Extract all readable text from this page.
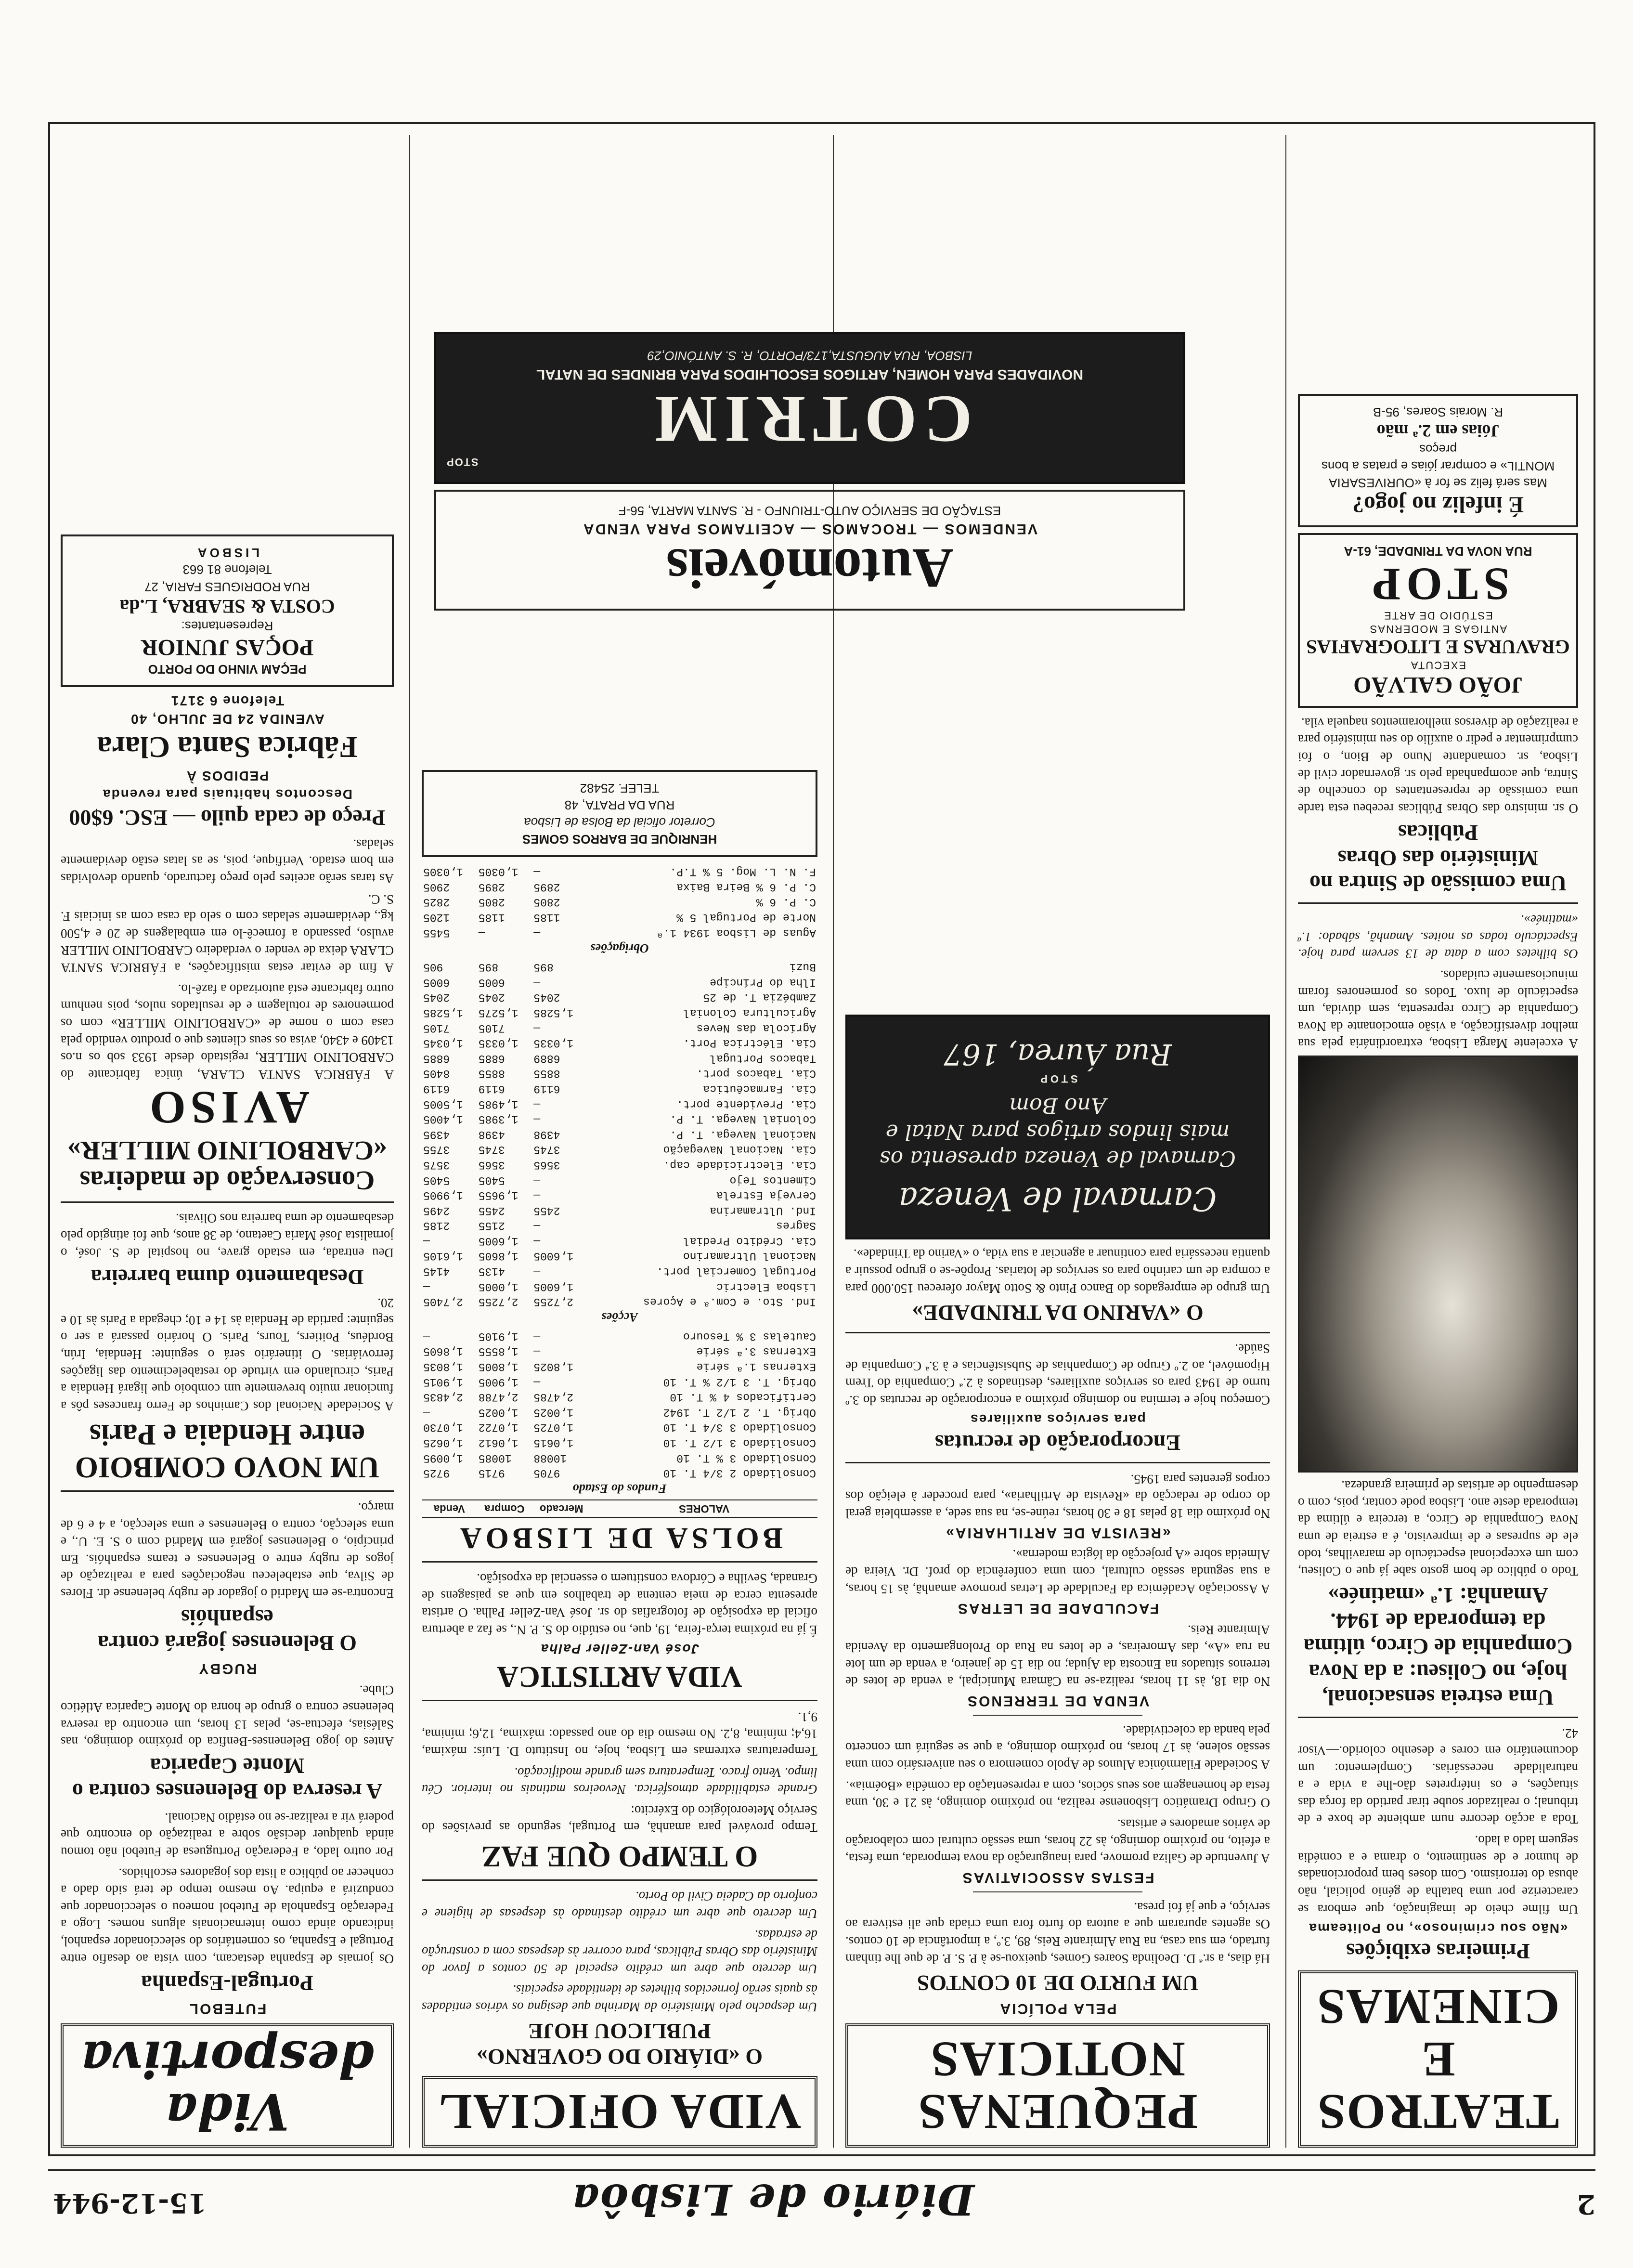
2
Diário de Lisbôa
15-12-944
TEATROS E CINEMAS
Primeiras exibições
«Não sou criminoso», no Politeama

Um filme cheio de imaginação, que embora se caracterize por uma batalha de génio policial, não abusa do terrorismo. Com doses bem proporcionadas de humor e de sentimento, o drama e a comédia seguem lado a lado.

Toda a acção decorre num ambiente de boxe e de tribunal; o realizador soube tirar partido da força das situações, e os intérpretes dão-lhe a vida e a naturalidade necessárias. Complemento: um documentário em cores e desenho colorido.—Visor 42.

Uma estreia sensacional, hoje, no Coliseu: a da Nova Companhia de Circo, última da temporada de 1944. Amanhã: 1.ª «matinée»

Todo o público de bom gosto sabe já que o Coliseu, com um excepcional espectáculo de maravilhas, todo ele de supresas e de imprevisto, é a estreia de uma Nova Companhia de Circo, a terceira e última da temporada deste ano. Lisboa pode contar, pois, com o desempenho de artistas de primeira grandeza.

A excelente Marga Lisboa, extraordinária pela sua melhor diversificação, a visão emocionante da Nova Companhia de Circo representa, sem dúvida, um espectáculo de luxo. Todos os pormenores foram minuciosamente cuidados.

Os bilhetes com a data de 13 servem para hoje. Espectáculo todas as noites. Amanhã, sábado: 1.ª «matinée».

Uma comissão de Sintra no Ministério das Obras Públicas

O sr. ministro das Obras Públicas recebeu esta tarde uma comissão de representantes do concelho de Sintra, que acompanhada pelo sr. governador civil de Lisboa, sr. comandante Nuno de Bion, o foi cumprimentar e pedir o auxílio do seu ministério para a realização de diversos melhoramentos naquela vila.

JOÃO GALVÃO
EXECUTA
GRAVURAS E LITOGRAFIAS
ANTIGAS E MODERNAS
ESTÚDIO DE ARTE
STOP
RUA NOVA DA TRINDADE, 61-A
É infeliz no jogo?
Mas será feliz se for à «OURIVESARIA MONTIL» e comprar jóias e pratas a bons preços
Jóias em 2.ª mão
R. Morais Soares, 95-B
PEQUENAS NOTICIAS
PELA POLÍCIA
UM FURTO DE 10 CONTOS

Há dias, a sr.ª D. Deolinda Soares Gomes, queixou-se à P. S. P. de que lhe tinham furtado, em sua casa, na Rua Almirante Reis, 89, 3.º, a importância de 10 contos. Os agentes apuraram que a autora do furto fora uma criada que ali estivera ao serviço, e que já foi presa.

FESTAS ASSOCIATIVAS

A Juventude de Galiza promove, para inauguração da nova temporada, uma festa, a efeito, no próximo domingo, às 22 horas, uma sessão cultural com colaboração de vários amadores e artistas.

O Grupo Dramático Lisbonense realiza, no próximo domingo, às 21 e 30, uma festa de homenagem aos seus sócios, com a representação da comédia «Boémia».

A Sociedade Filarmónica Alunos de Apolo comemora o seu aniversário com uma sessão solene, às 17 horas, no próximo domingo, a que se seguirá um concerto pela banda da colectividade.

VENDA DE TERRENOS

No dia 18, às 11 horas, realiza-se na Câmara Municipal, a venda de lotes de terrenos situados na Encosta da Ajuda; no dia 15 de janeiro, a venda de um lote na rua «A», das Amoreiras, e de lotes na Rua do Prolongamento da Avenida Almirante Reis.

FACULDADE DE LETRAS

A Associação Académica da Faculdade de Letras promove amanhã, às 15 horas, a sua segunda sessão cultural, com uma conferência do prof. Dr. Vieira de Almeida sobre «A projecção da lógica moderna».

«REVISTA DE ARTILHARIA»

No próximo dia 18 pelas 18 e 30 horas, reúne-se, na sua sede, a assembleia geral do corpo de redacção da «Revista de Artilharia», para proceder à eleição dos corpos gerentes para 1945.

Encorporação de recrutas
para serviços auxiliares

Começou hoje e termina no domingo próximo a encorporação de recrutas do 3.º turno de 1943 para os serviços auxiliares, destinados à 2.ª Companhia do Trem Hipomóvel, ao 2.º Grupo de Companhias de Subsistências e à 3.ª Companhia de Saúde.

O «VARINO DA TRINDADE»

Um grupo de empregados do Banco Pinto & Sotto Mayor ofereceu 150.000 para a compra de um carinho para os serviços de lotarias. Propõe-se o grupo possuir a quantia necessária para continuar a agenciar a sua vida, o «Varino da Trindade».

Carnaval de Veneza
Carnaval de Veneza apresenta os mais lindos artigos para Natal e Ano Bom
STOP
Rua Áurea, 167
VIDA OFICIAL
O «DIÁRIO DO GOVERNO» PUBLICOU HOJE

Um despacho pelo Ministério da Marinha que designa os vários entidades às quais serão fornecidos bilhetes de identidade especiais.

Um decreto que abre um crédito especial de 50 contos a favor do Ministério das Obras Públicas, para ocorrer às despesas com a construção de estradas.

Um decreto que abre um crédito destinado às despesas de higiene e conforto da Cadeia Civil do Porto.

O TEMPO QUE FAZ

Tempo provável para amanhã, em Portugal, segundo as previsões do Serviço Meteorológico do Exército:

Grande estabilidade atmosférica. Nevoeiros matinais no interior. Céu limpo. Vento fraco. Temperatura sem grande modificação.

Temperaturas extremas em Lisboa, hoje, no Instituto D. Luís: máxima, 16,4; mínima, 8,2. No mesmo dia do ano passado: máxima, 12,6; mínima, 9,1.

VIDA ARTISTICA
José Van-Zeller Palha

É já na próxima terça-feira, 19, que, no estúdio do S. P. N., se faz a abertura oficial da exposição de fotografias do sr. José Van-Zeller Palha. O artista apresenta cerca de meia centena de trabalhos em que as paisagens de Granada, Sevilha e Córdova constituem o essencial da exposição.

BOLSA DE LISBOA
VALORES	Mercado	Compra	Venda
Fundos do Estado			
Consolidado 2 3/4 T. 10	9705	9715	9725
Consolidado 3 % T. 10	10088	10085	1,0095
Consolidado 3 1/2 T. 10	1,0615	1,0612	1,0625
Consolidado 3 3/4 T. 10	1,0725	1,0722	1,0730
Obrig. T. 2 1/2 T. 1942	1,0025	1,0025	—
Certificados 4 % T. 10	2,4785	2,4788	2,4835
Obrig. T. 3 1/2 % T. 10	—	1,9005	1,9015
Externas 1.ª série	1,8025	1,8005	1,8035
Externas 3.ª série	—	1,8555	1,8605
Cautelas 3 % Tesouro	—	1,9105	—
Acções			
Ind. Sto. e Com.ª e Açores	2,7255	2,7255	2,7405
Lisboa Electric	1,6005	1,0005	—
Portugal Comercial port.	—	4135	4145
Nacional Ultramarino	1,6005	1,8605	1,6105
Cia. Crédito Predial	—	1,6005	—
Sagres	—	2155	2185
Ind. Ultramarina	2455	2455	2495
Cerveja Estrela	—	1,9655	1,9905
Cimentos Tejo	—	5405	5405
Cia. Electricidade cap.	3565	3565	3575
Cia. Nacional Navegação	3745	3745	3755
Nacional Navega. T. P.	4398	4398	4395
Colonial Navega. T. P.	—	1,3985	1,4005
Cia. Previdente port.	—	1,4985	1,5005
Cia. Farmacêutica	6119	6119	6119
Cia. Tabacos port.	8855	8855	8405
Tabacos Portugal	6889	6885	6885
Cia. Eléctrica Port.	1,0335	1,0335	1,0345
Agrícola das Neves	—	7105	7105
Agricultura Colonial	1,5285	1,5275	1,5285
Zambézia T. de 25	2045	2045	2045
Ilha do Príncipe	—	6005	6005
Buzi	895	895	905
Obrigações			
Aguas de Lisboa 1934 1.ª	—	—	5455
Norte de Portugal 5 %	1185	1185	1205
C. P. 6 %	2805	2805	2825
C. P. 6 % Beira Baixa	2895	2895	2905
F. N. L. Mog. 5 % T.P.	—	1,0305	1,0305
HENRIQUE DE BARROS GOMES
Corretor oficial da Bolsa de Lisboa
RUA DA PRATA, 48
TELEF. 25482
Vida desportiva
FUTEBOL
Portugal-Espanha

Os jornais de Espanha destacam, com vista ao desafio entre Portugal e Espanha, os comentários do seleccionador espanhol, indicando ainda como internacionais alguns nomes. Logo a Federação Espanhola de Futebol nomeou o seleccionador que conduzirá a equipa. Ao mesmo tempo de terá sido dado a conhecer ao público a lista dos jogadores escolhidos.

Por outro lado, a Federação Portuguesa de Futebol não tomou ainda qualquer decisão sobre a realização do encontro que poderá vir a realizar-se no estádio Nacional.

A reserva do Belenenses contra o Monte Caparica

Antes do jogo Belenenses-Benfica do próximo domingo, nas Salésias, efectua-se, pelas 13 horas, um encontro da reserva belenense contra o grupo de honra do Monte Caparica Atlético Clube.

RUGBY
O Belenenses jogará contra espanhóis

Encontra-se em Madrid o jogador de rugby belenense dr. Flores de Silva, que estabeleceu negociações para a realização de jogos de rugby entre o Belenenses e teams espanhóis. Em princípio, o Belenenses jogará em Madrid com o S. E. U., e uma selecção, contra o Belenenses e uma selecção, a 4 e 6 de março.

UM NOVO COMBOIO entre Hendaia e Paris

A Sociedade Nacional dos Caminhos de Ferro franceses pôs a funcionar muito brevemente um comboio que ligará Hendaia a Paris, circulando em virtude do restabelecimento das ligações ferroviárias. O itinerário será o seguinte: Hendaia, Irún, Bordéus, Poitiers, Tours, Paris. O horário passará a ser o seguinte: partida de Hendaia às 14 e 10; chegada a Paris às 10 e 20.

Desabamento duma barreira

Deu entrada, em estado grave, no hospital de S. José, o jornalista José Maria Caetano, de 38 anos, que foi atingido pelo desabamento de uma barreira nos Olivais.

Conservação de madeiras «CARBOLINIO MILLER»
AVISO

A FÁBRICA SANTA CLARA, única fabricante do CARBOLINIO MILLER, registado desde 1933 sob os n.os 13409 e 4340, avisa os seus clientes que o produto vendido pela casa com o nome de «CARBOLINIO MILLER» com os pormenores de rotulagem e de resultados nulos, pois nenhum outro fabricante está autorizado a fazê-lo.

A fim de evitar estas mistificações, a FÁBRICA SANTA CLARA deixa de vender o verdadeiro CARBOLINIO MILLER avulso, passando a fornecê-lo em embalagens de 20 e 4,500 kg., devidamente seladas com o selo da casa com as iniciais F. S. C.

As taras serão aceites pelo preço facturado, quando devolvidas em bom estado. Verifique, pois, se as latas estão devidamente seladas.

Preço de cada quilo — ESC. 6$00
Descontos habituais para revenda
PEDIDOS À
Fábrica Santa Clara
AVENIDA 24 DE JULHO, 40
Telefone 6 3171
PEÇAM VINHO DO PORTO
POÇAS JUNIOR
Representantes:
COSTA & SEABRA, L.da
RUA RODRIGUES FARIA, 27
Telefone 81 663
LISBOA	Automóveis
VENDEMOS — TROCAMOS — ACEITAMOS PARA VENDA
ESTAÇÃO DE SERVIÇO AUTO-TRIUNFO - R. SANTA MARTA, 56-F
STOP
COTRIM
NOVIDADES PARA HOMEN, ARTIGOS ESCOLHIDOS PARA BRINDES DE NATAL
LISBOA, RUA AUGUSTA,173/PORTO, R. S. ANTÓNIO,29
